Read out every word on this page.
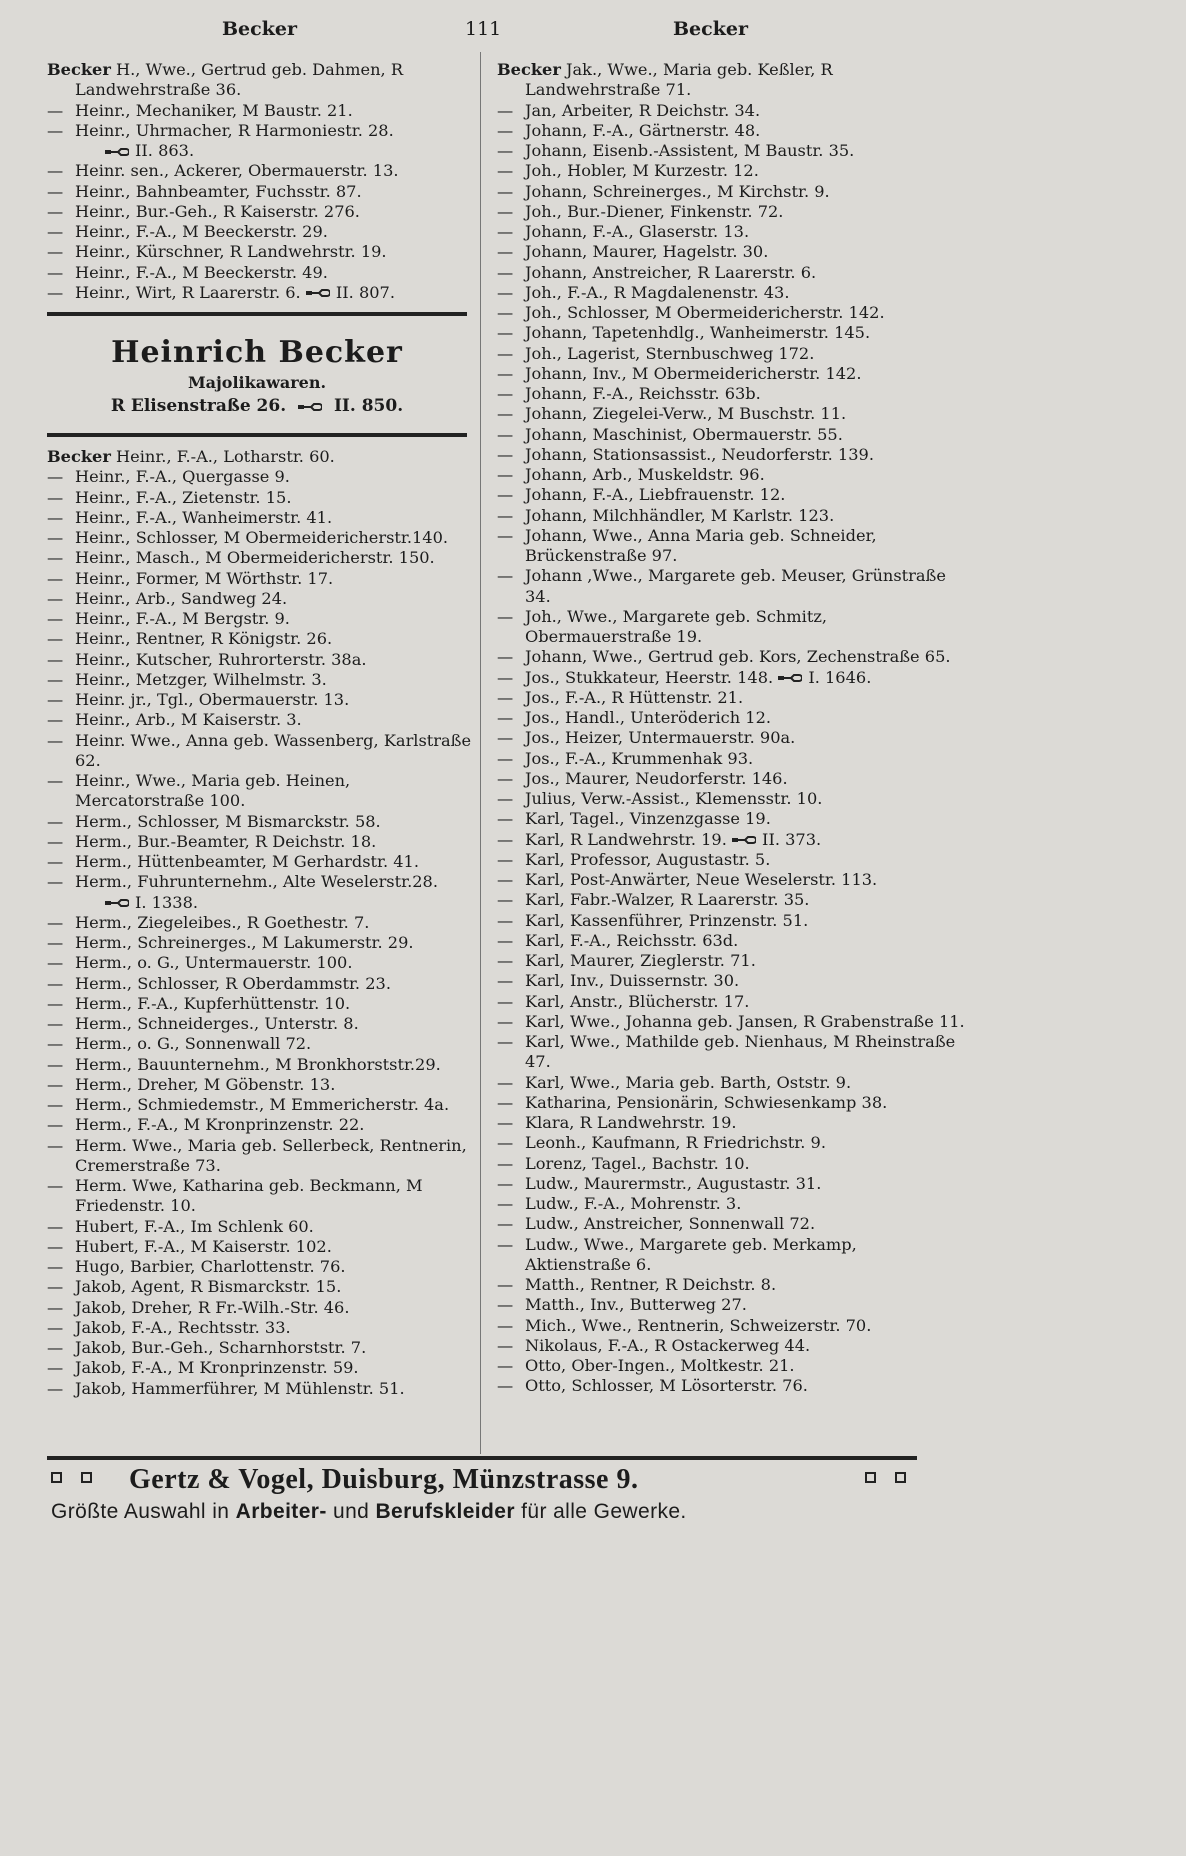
Becker	111	Becker
Becker H., Wwe., Gertrud geb. Dahmen, R Landwehrstraße 36.
— Heinr., Mechaniker, M Baustr. 21.
— Heinr., Uhrmacher, R Harmoniestr. 28.
II. 863.
— Heinr. sen., Ackerer, Obermauerstr. 13.
— Heinr., Bahnbeamter, Fuchsstr. 87.
— Heinr., Bur.-Geh., R Kaiserstr. 276.
— Heinr., F.-A., M Beeckerstr. 29.
— Heinr., Kürschner, R Landwehrstr. 19.
— Heinr., F.-A., M Beeckerstr. 49.
— Heinr., Wirt, R Laarerstr. 6. II. 807.
Heinrich Becker
Majolikawaren.
R Elisenstraße 26.	II. 850.
Becker Heinr., F.-A., Lotharstr. 60.
— Heinr., F.-A., Quergasse 9.
— Heinr., F.-A., Zietenstr. 15.
— Heinr., F.-A., Wanheimerstr. 41.
— Heinr., Schlosser, M Obermeidericherstr.140.
— Heinr., Masch., M Obermeidericherstr. 150.
— Heinr., Former, M Wörthstr. 17.
— Heinr., Arb., Sandweg 24.
— Heinr., F.-A., M Bergstr. 9.
— Heinr., Rentner, R Königstr. 26.
— Heinr., Kutscher, Ruhrorterstr. 38a.
— Heinr., Metzger, Wilhelmstr. 3.
— Heinr. jr., Tgl., Obermauerstr. 13.
— Heinr., Arb., M Kaiserstr. 3.
— Heinr. Wwe., Anna geb. Wassenberg, Karlstraße 62.
— Heinr., Wwe., Maria geb. Heinen, Mercatorstraße 100.
— Herm., Schlosser, M Bismarckstr. 58.
— Herm., Bur.-Beamter, R Deichstr. 18.
— Herm., Hüttenbeamter, M Gerhardstr. 41.
— Herm., Fuhrunternehm., Alte Weselerstr.28.
I. 1338.
— Herm., Ziegeleibes., R Goethestr. 7.
— Herm., Schreinerges., M Lakumerstr. 29.
— Herm., o. G., Untermauerstr. 100.
— Herm., Schlosser, R Oberdammstr. 23.
— Herm., F.-A., Kupferhüttenstr. 10.
— Herm., Schneiderges., Unterstr. 8.
— Herm., o. G., Sonnenwall 72.
— Herm., Bauunternehm., M Bronkhorststr.29.
— Herm., Dreher, M Göbenstr. 13.
— Herm., Schmiedemstr., M Emmericherstr. 4a.
— Herm., F.-A., M Kronprinzenstr. 22.
— Herm. Wwe., Maria geb. Sellerbeck, Rentnerin, Cremerstraße 73.
— Herm. Wwe, Katharina geb. Beckmann, M Friedenstr. 10.
— Hubert, F.-A., Im Schlenk 60.
— Hubert, F.-A., M Kaiserstr. 102.
— Hugo, Barbier, Charlottenstr. 76.
— Jakob, Agent, R Bismarckstr. 15.
— Jakob, Dreher, R Fr.-Wilh.-Str. 46.
— Jakob, F.-A., Rechtsstr. 33.
— Jakob, Bur.-Geh., Scharnhorststr. 7.
— Jakob, F.-A., M Kronprinzenstr. 59.
— Jakob, Hammerführer, M Mühlenstr. 51.
Becker Jak., Wwe., Maria geb. Keßler, R Landwehrstraße 71.
— Jan, Arbeiter, R Deichstr. 34.
— Johann, F.-A., Gärtnerstr. 48.
— Johann, Eisenb.-Assistent, M Baustr. 35.
— Joh., Hobler, M Kurzestr. 12.
— Johann, Schreinerges., M Kirchstr. 9.
— Joh., Bur.-Diener, Finkenstr. 72.
— Johann, F.-A., Glaserstr. 13.
— Johann, Maurer, Hagelstr. 30.
— Johann, Anstreicher, R Laarerstr. 6.
— Joh., F.-A., R Magdalenenstr. 43.
— Joh., Schlosser, M Obermeidericherstr. 142.
— Johann, Tapetenhdlg., Wanheimerstr. 145.
— Joh., Lagerist, Sternbuschweg 172.
— Johann, Inv., M Obermeidericherstr. 142.
— Johann, F.-A., Reichsstr. 63b.
— Johann, Ziegelei-Verw., M Buschstr. 11.
— Johann, Maschinist, Obermauerstr. 55.
— Johann, Stationsassist., Neudorferstr. 139.
— Johann, Arb., Muskeldstr. 96.
— Johann, F.-A., Liebfrauenstr. 12.
— Johann, Milchhändler, M Karlstr. 123.
— Johann, Wwe., Anna Maria geb. Schneider, Brückenstraße 97.
— Johann ,Wwe., Margarete geb. Meuser, Grünstraße 34.
— Joh., Wwe., Margarete geb. Schmitz, Obermauerstraße 19.
— Johann, Wwe., Gertrud geb. Kors, Zechenstraße 65.
— Jos., Stukkateur, Heerstr. 148. I. 1646.
— Jos., F.-A., R Hüttenstr. 21.
— Jos., Handl., Unteröderich 12.
— Jos., Heizer, Untermauerstr. 90a.
— Jos., F.-A., Krummenhak 93.
— Jos., Maurer, Neudorferstr. 146.
— Julius, Verw.-Assist., Klemensstr. 10.
— Karl, Tagel., Vinzenzgasse 19.
— Karl, R Landwehrstr. 19. II. 373.
— Karl, Professor, Augustastr. 5.
— Karl, Post-Anwärter, Neue Weselerstr. 113.
— Karl, Fabr.-Walzer, R Laarerstr. 35.
— Karl, Kassenführer, Prinzenstr. 51.
— Karl, F.-A., Reichsstr. 63d.
— Karl, Maurer, Zieglerstr. 71.
— Karl, Inv., Duissernstr. 30.
— Karl, Anstr., Blücherstr. 17.
— Karl, Wwe., Johanna geb. Jansen, R Grabenstraße 11.
— Karl, Wwe., Mathilde geb. Nienhaus, M Rheinstraße 47.
— Karl, Wwe., Maria geb. Barth, Oststr. 9.
— Katharina, Pensionärin, Schwiesenkamp 38.
— Klara, R Landwehrstr. 19.
— Leonh., Kaufmann, R Friedrichstr. 9.
— Lorenz, Tagel., Bachstr. 10.
— Ludw., Maurermstr., Augustastr. 31.
— Ludw., F.-A., Mohrenstr. 3.
— Ludw., Anstreicher, Sonnenwall 72.
— Ludw., Wwe., Margarete geb. Merkamp, Aktienstraße 6.
— Matth., Rentner, R Deichstr. 8.
— Matth., Inv., Butterweg 27.
— Mich., Wwe., Rentnerin, Schweizerstr. 70.
— Nikolaus, F.-A., R Ostackerweg 44.
— Otto, Ober-Ingen., Moltkestr. 21.
— Otto, Schlosser, M Lösorterstr. 76.
Gertz & Vogel, Duisburg, Münzstrasse 9.
Größte Auswahl in Arbeiter- und Berufskleider für alle Gewerke.
